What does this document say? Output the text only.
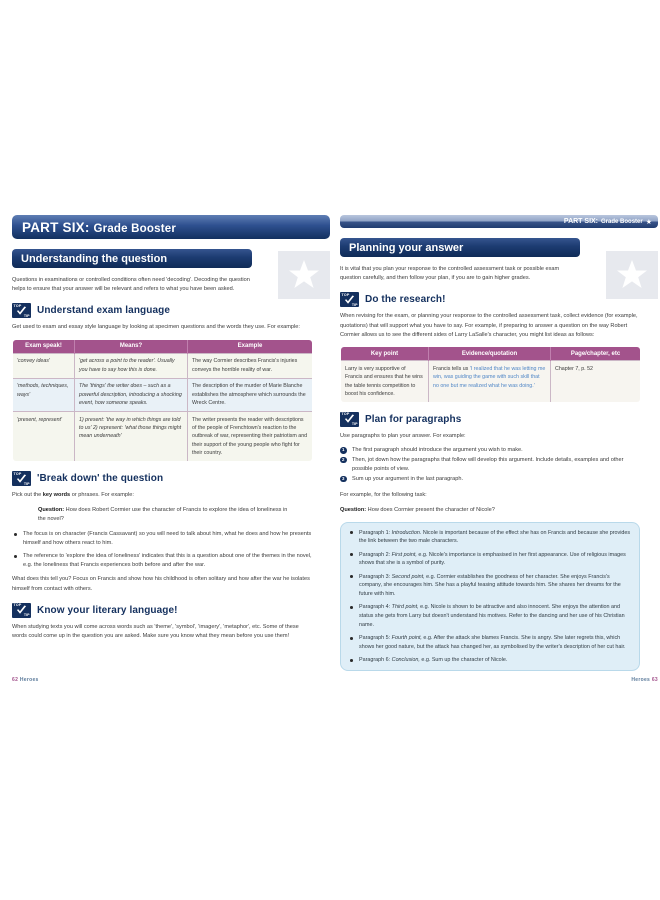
PART SIX: Grade Booster
Understanding the question
Questions in examinations or controlled conditions often need 'decoding'. Decoding the question helps to ensure that your answer will be relevant and refers to what you have been asked.
TOP
TIP Understand exam language
Get used to exam and essay style language by looking at specimen questions and the words they use. For example:
Exam speak!	Means?	Example
'convey ideas'	'get across a point to the reader'. Usually you have to say how this is done.	The way Cormier describes Francis's injuries conveys the horrible reality of war.
'methods, techniques, ways'	The 'things' the writer does – such as a powerful description, introducing a shocking event, how someone speaks.	The description of the murder of Marie Blanche establishes the atmosphere which surrounds the Wreck Centre.
'present, represent'	1) present: 'the way in which things are told to us' 2) represent: 'what those things might mean underneath'	The writer presents the reader with descriptions of the people of Frenchtown's reaction to the outbreak of war, representing their patriotism and their support of the young people who fight for their country.
TOP
TIP 'Break down' the question
Pick out the key words or phrases. For example:
Question: How does Robert Cormier use the character of Francis to explore the idea of loneliness in the novel?
The focus is on character (Francis Cassavant) so you will need to talk about him, what he does and how he presents himself and how others react to him.
The reference to 'explore the idea of loneliness' indicates that this is a question about one of the themes in the novel, e.g. the loneliness that Francis experiences both before and after the war.
What does this tell you? Focus on Francis and show how his childhood is often solitary and how after the war he isolates himself from contact with others.
TOP
TIP Know your literary language!
When studying texts you will come across words such as 'theme', 'symbol', 'imagery', 'metaphor', etc. Some of these words could come up in the question you are asked. Make sure you know what they mean before you use them!
62 Heroes
PART SIX: Grade Booster ★
Planning your answer
It is vital that you plan your response to the controlled assessment task or possible exam question carefully, and then follow your plan, if you are to gain higher grades.
TOP
TIP Do the research!
When revising for the exam, or planning your response to the controlled assessment task, collect evidence (for example, quotations) that will support what you have to say. For example, if preparing to answer a question on the way Robert Cormier allows us to see the different sides of Larry LaSalle's character, you might list ideas as follows:
Key point	Evidence/quotation	Page/chapter, etc
Larry is very supportive of Francis and ensures that he wins the table tennis competition to boost his confidence.	Francis tells us 'I realized that he was letting me win, was guiding the game with such skill that no one but me realized what he was doing.'	Chapter 7, p. 52
TOP
TIP Plan for paragraphs
Use paragraphs to plan your answer. For example:
1	The first paragraph should introduce the argument you wish to make.
2	Then, jot down how the paragraphs that follow will develop this argument. Include details, examples and other possible points of view.
3	Sum up your argument in the last paragraph.
For example, for the following task:
Question: How does Cormier present the character of Nicole?
Paragraph 1: Introduction. Nicole is important because of the effect she has on Francis and because she provides the link between the two male characters.
Paragraph 2: First point, e.g. Nicole's importance is emphasised in her first appearance. Use of religious images shows that she is a symbol of purity.
Paragraph 3: Second point, e.g. Cormier establishes the goodness of her character. She enjoys Francis's company, she encourages him. She has a playful teasing attitude towards him. She shares her dreams for the future with him.
Paragraph 4: Third point, e.g. Nicole is shown to be attractive and also innocent. She enjoys the attention and status she gets from Larry but doesn't understand his motives. Refer to the dancing and her use of his Christian name.
Paragraph 5: Fourth point, e.g. After the attack she blames Francis. She is angry. She later regrets this, which shows her good nature, but the attack has changed her, as symbolised by the writer's description of her cut hair.
Paragraph 6: Conclusion, e.g. Sum up the character of Nicole.
Heroes 63
